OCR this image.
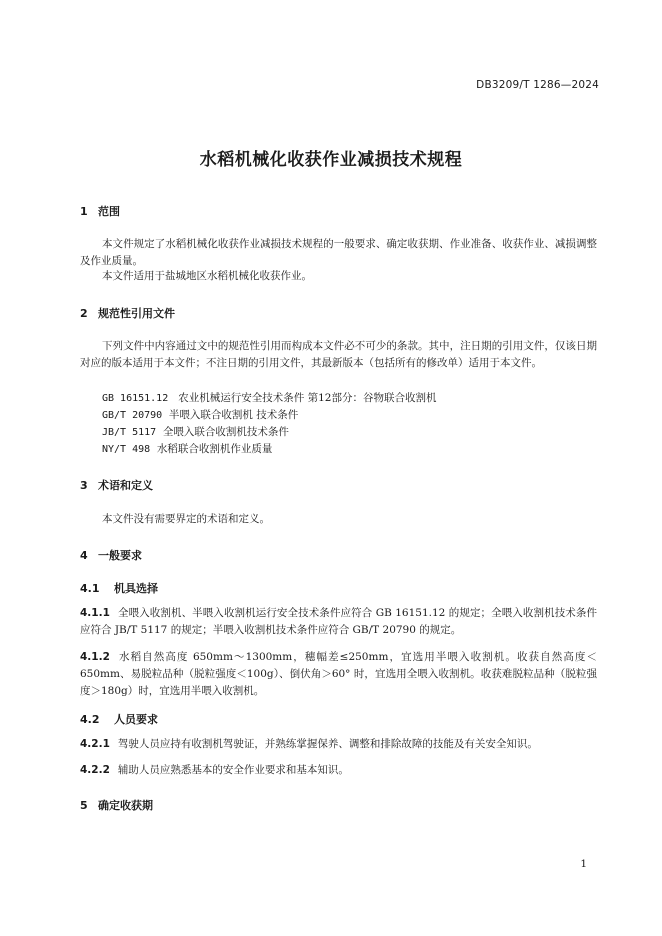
DB3209/T 1286—2024
水稻机械化收获作业减损技术规程
1 范围
本文件规定了水稻机械化收获作业减损技术规程的一般要求、确定收获期、作业准备、收获作业、减损调整及作业质量。
本文件适用于盐城地区水稻机械化收获作业。
2 规范性引用文件
下列文件中内容通过文中的规范性引用而构成本文件必不可少的条款。其中，注日期的引用文件，仅该日期对应的版本适用于本文件；不注日期的引用文件，其最新版本（包括所有的修改单）适用于本文件。
GB 16151.12 农业机械运行安全技术条件 第12部分：谷物联合收割机
GB/T 20790 半喂入联合收割机 技术条件
JB/T 5117 全喂入联合收割机技术条件
NY/T 498 水稻联合收割机作业质量
3 术语和定义
本文件没有需要界定的术语和定义。
4 一般要求
4.1 机具选择
4.1.1 全喂入收割机、半喂入收割机运行安全技术条件应符合 GB 16151.12 的规定；全喂入收割机技术条件应符合 JB/T 5117 的规定；半喂入收割机技术条件应符合 GB/T 20790 的规定。
4.1.2 水稻自然高度 650mm～1300mm，穗幅差≤250mm，宜选用半喂入收割机。收获自然高度＜650mm、易脱粒品种（脱粒强度＜100g）、倒伏角＞60° 时，宜选用全喂入收割机。收获难脱粒品种（脱粒强度＞180g）时，宜选用半喂入收割机。
4.2 人员要求
4.2.1 驾驶人员应持有收割机驾驶证，并熟练掌握保养、调整和排除故障的技能及有关安全知识。
4.2.2 辅助人员应熟悉基本的安全作业要求和基本知识。
5 确定收获期
1
